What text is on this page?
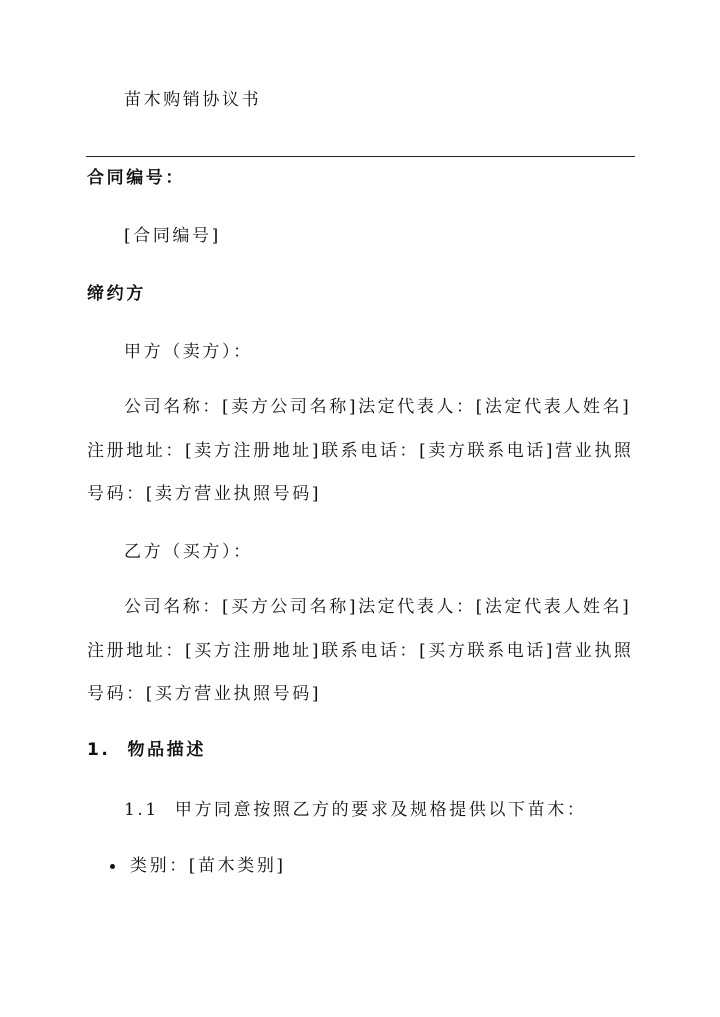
苗木购销协议书
合同编号：
[合同编号]
缔约方
甲方（卖方）：
公司名称：[卖方公司名称]法定代表人：[法定代表人姓名]
注册地址：[卖方注册地址]联系电话：[卖方联系电话]营业执照
号码：[卖方营业执照号码]
乙方（买方）：
公司名称：[买方公司名称]法定代表人：[法定代表人姓名]
注册地址：[买方注册地址]联系电话：[买方联系电话]营业执照
号码：[买方营业执照号码]
1.  物品描述
1.1  甲方同意按照乙方的要求及规格提供以下苗木：
类别：[苗木类别]
